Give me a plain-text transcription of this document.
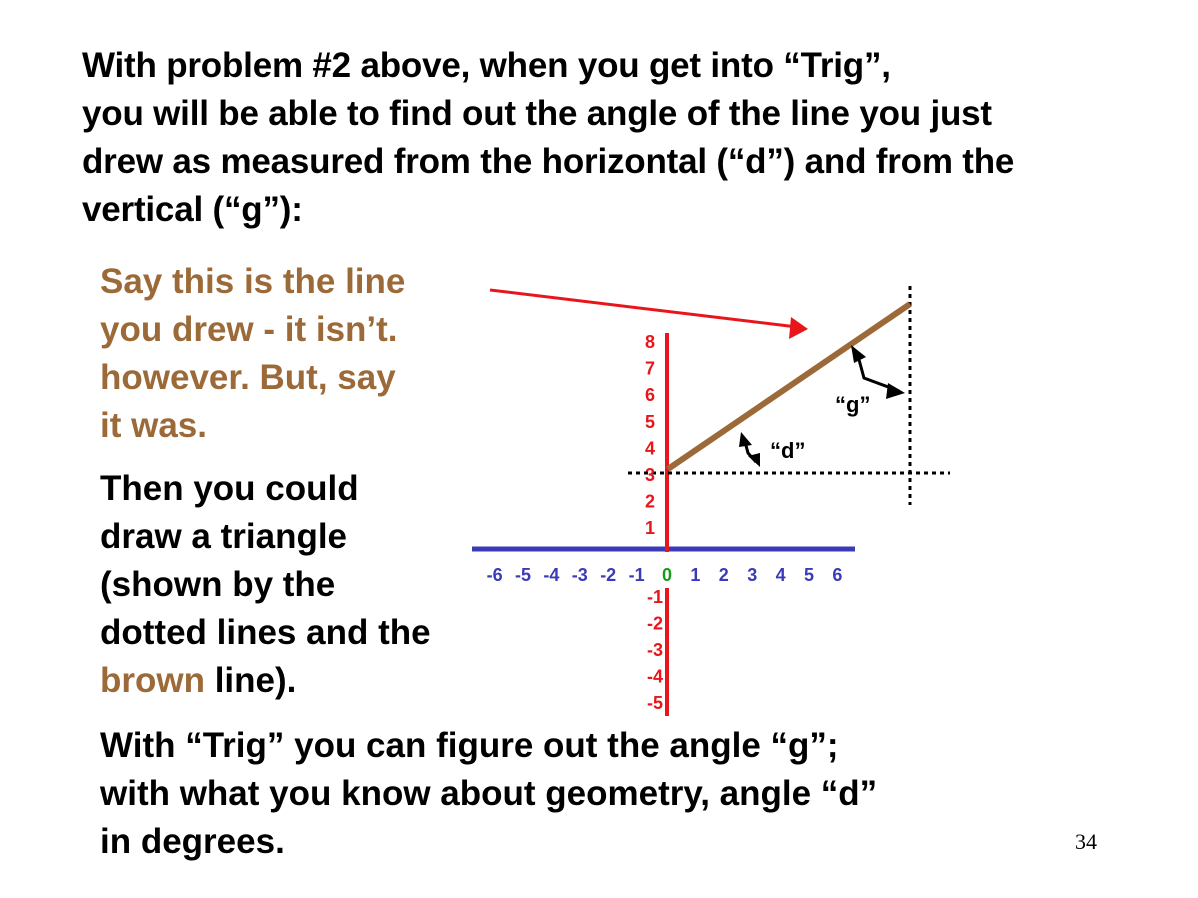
With problem #2 above, when you get into “Trig”,
you will be able to find out the angle of the line you just
drew as measured from the horizontal (“d”) and from the
vertical (“g”):
Say this is the line
you drew - it isn’t.
however. But, say
it was.
Then you could
draw a triangle
(shown by the
dotted lines and the
brown line).
With “Trig” you can figure out the angle “g”;
with what you know about geometry, angle “d”
in degrees.	34
“g”
“d”
-6 -5 -4 -3 -2 -1 0 1 2 3 4 5 6
8
7
6
5
4
3
2
1
-1
-2
-3
-4
-5
